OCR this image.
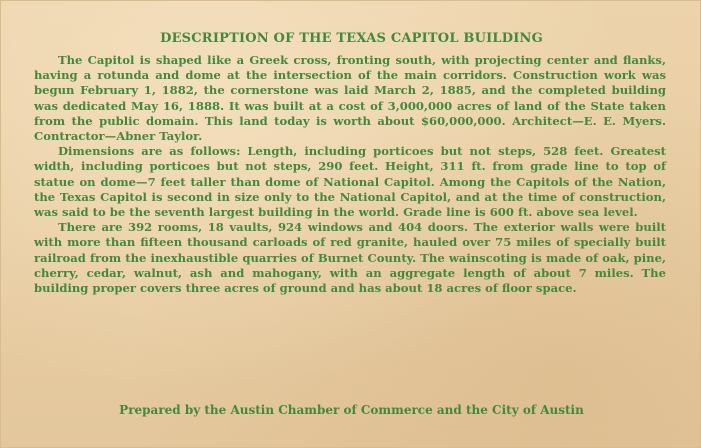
DESCRIPTION OF THE TEXAS CAPITOL BUILDING

The Capitol is shaped like a Greek cross, fronting south, with projecting center and flanks, having a rotunda and dome at the intersection of the main corridors. Construction work was begun February 1, 1882, the cornerstone was laid March 2, 1885, and the completed building was dedicated May 16, 1888. It was built at a cost of 3,000,000 acres of land of the State taken from the public domain. This land today is worth about $60,000,000. Architect—E. E. Myers. Contractor—Abner Taylor.

Dimensions are as follows: Length, including porticoes but not steps, 528 feet. Greatest width, including porticoes but not steps, 290 feet. Height, 311 ft. from grade line to top of statue on dome—7 feet taller than dome of National Capitol. Among the Capitols of the Nation, the Texas Capitol is second in size only to the National Capitol, and at the time of construction, was said to be the seventh largest building in the world. Grade line is 600 ft. above sea level.

There are 392 rooms, 18 vaults, 924 windows and 404 doors. The exterior walls were built with more than fifteen thousand carloads of red granite, hauled over 75 miles of specially built railroad from the inexhaustible quarries of Burnet County. The wainscoting is made of oak, pine, cherry, cedar, walnut, ash and mahogany, with an aggregate length of about 7 miles. The building proper covers three acres of ground and has about 18 acres of floor space.

Prepared by the Austin Chamber of Commerce and the City of Austin
